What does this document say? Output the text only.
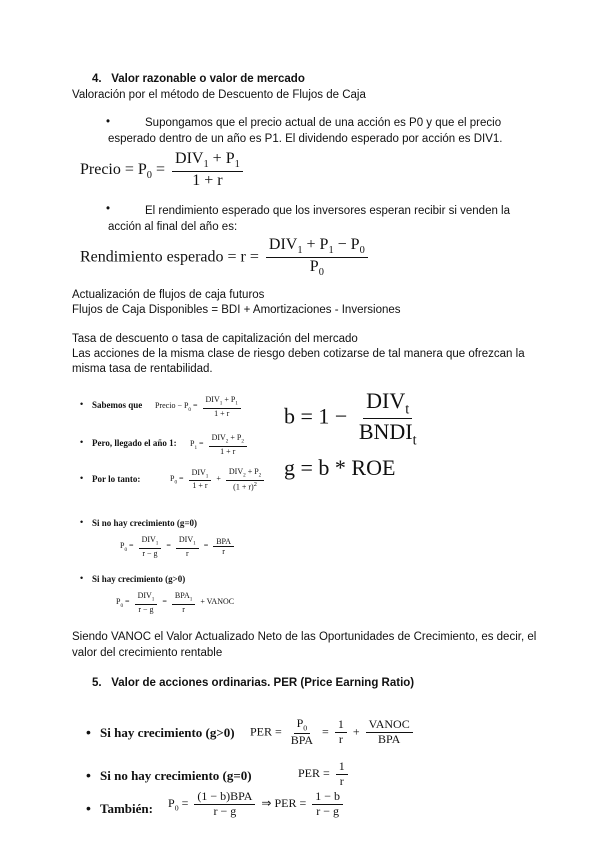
4. Valor razonable o valor de mercado
Valoración por el método de Descuento de Flujos de Caja
•	Supongamos que el precio actual de una acción es P0 y que el precio
esperado dentro de un año es P1. El dividendo esperado por acción es DIV1.
Precio = $P_0 = \frac{DIV_1 + P_1}{1 + r}$
•	El rendimiento esperado que los inversores esperan recibir si venden la
acción al final del año es:
Rendimiento esperado = $r = \frac{DIV_1 + P_1 - P_0}{P_0}$
Actualización de flujos de caja futuros
Flujos de Caja Disponibles = BDI + Amortizaciones - Inversiones
Tasa de descuento o tasa de capitalización del mercado
Las acciones de la misma clase de riesgo deben cotizarse de tal manera que ofrezcan la
misma tasa de rentabilidad.
• Sabemos que Precio − $P_0 = \frac{DIV_1 + P_1}{1 + r}$
• Pero, llegado el año 1: $P_1 = \frac{DIV_2 + P_2}{1 + r}$
• Por lo tanto:	$P_0 = \frac{DIV_1}{1 + r} + \frac{DIV_2 + P_2}{(1 + r)^2}$
• Si no hay crecimiento (g=0)
$P_0 = \frac{DIV_1}{r - g} = \frac{DIV_1}{r} = \frac{\text{BPA}}{r}$
• Si hay crecimiento (g>0)
$P_0 = \frac{DIV_1}{r - g} = \frac{BPA_1}{r}$ + VANOC
$b = 1 - \frac{DIV_t}{BNDI_t}$
g = b * ROE
Siendo VANOC el Valor Actualizado Neto de las Oportunidades de Crecimiento, es decir, el
valor del crecimiento rentable
5. Valor de acciones ordinarias. PER (Price Earning Ratio)
• Si hay crecimiento (g>0) PER = $\frac{P_0}{\text{BPA}} = \frac{1}{r} + \frac{\text{VANOC}}{\text{BPA}}$
• Si no hay crecimiento (g=0)	PER = $\frac{1}{r}$
• También: $P_0 = \frac{\text{(1 − b)BPA}}{r - g}$ ⇒ PER = $\frac{1 - b}{r - g}$
